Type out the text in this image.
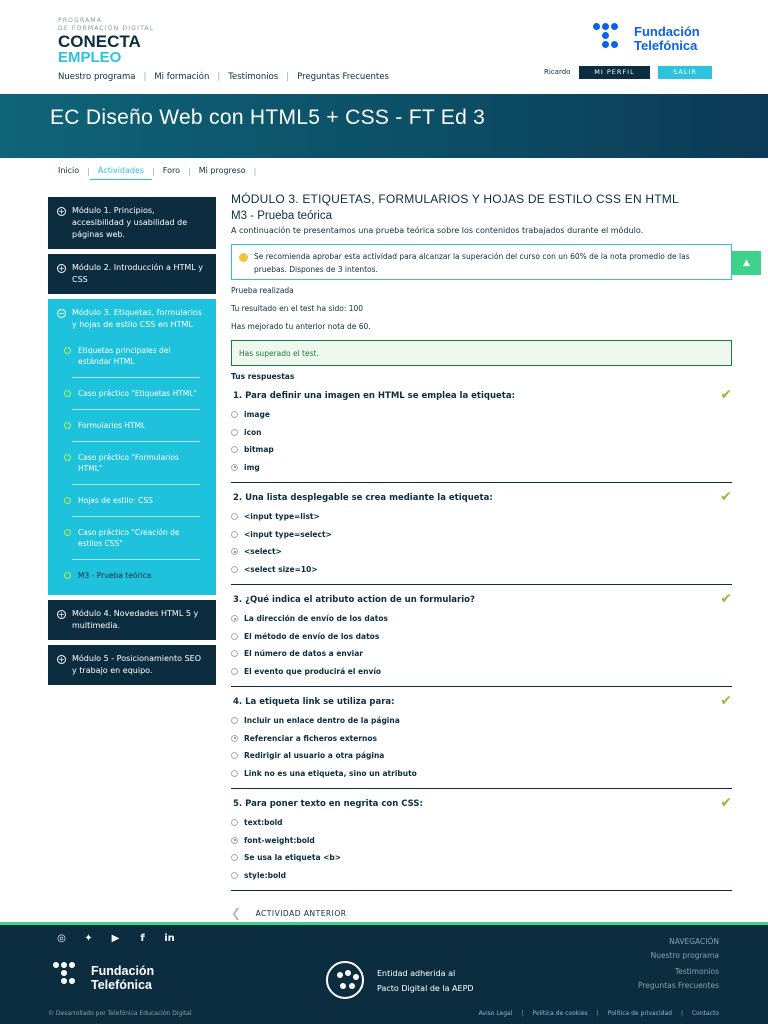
PROGRAMA
DE FORMACIÓN DIGITAL
CONECTA
EMPLEO
Nuestro programa | Mi formación | Testimonios | Preguntas Frecuentes
Fundación
Telefónica
Ricardo	MI PERFIL	SALIR
EC Diseño Web con HTML5 + CSS - FT Ed 3
Inicio	|	Actividades	|	Foro	|	Mi progreso	|
+ Módulo 1. Principios, accesibilidad y usabilidad de páginas web.
+ Módulo 2. Introducción a HTML y CSS
− Módulo 3. Etiquetas, formularios y hojas de estilo CSS en HTML
Etiquetas principales del estándar HTML
Caso práctico "Etiquetas HTML"
Formularios HTML
Caso práctico "Formularios HTML"
Hojas de estilo: CSS
Caso práctico "Creación de estilos CSS"
M3 - Prueba teórica
+ Módulo 4. Novedades HTML 5 y multimedia.
+ Módulo 5 - Posicionamiento SEO y trabajo en equipo.
MÓDULO 3. ETIQUETAS, FORMULARIOS Y HOJAS DE ESTILO CSS EN HTML
M3 - Prueba teórica
A continuación te presentamos una prueba teórica sobre los contenidos trabajados durante el módulo.
Se recomienda aprobar esta actividad para alcanzar la superación del curso con un 60% de la nota promedio de las pruebas. Dispones de 3 intentos.
Prueba realizada
Tu resultado en el test ha sido: 100
Has mejorado tu anterior nota de 60.
Has superado el test.
Tus respuestas
1. Para definir una imagen en HTML se emplea la etiqueta:	✔
image
icon
bitmap
img
2. Una lista desplegable se crea mediante la etiqueta:	✔
<input type=list>
<input type=select>
<select>
<select size=10>
3. ¿Qué indica el atributo action de un formulario?	✔
La dirección de envío de los datos
El método de envío de los datos
El número de datos a enviar
El evento que producirá el envío
4. La etiqueta link se utiliza para:	✔
Incluir un enlace dentro de la página
Referenciar a ficheros externos
Redirigir al usuario a otra página
Link no es una etiqueta, sino un atributo
5. Para poner texto en negrita con CSS:	✔
text:bold
font-weight:bold
Se usa la etiqueta <b>
style:bold
❮ ACTIVIDAD ANTERIOR
▲
◎ ✦ ▶	f	in
Fundación
Telefónica
Entidad adherida al
Pacto Digital de la AEPD
NAVEGACIÓN
Nuestro programa
Testimonios
Preguntas Frecuentes
© Desarrollado por Telefónica Educación Digital	Aviso Legal	|	Política de cookies	|	Política de privacidad	|	Contacto
